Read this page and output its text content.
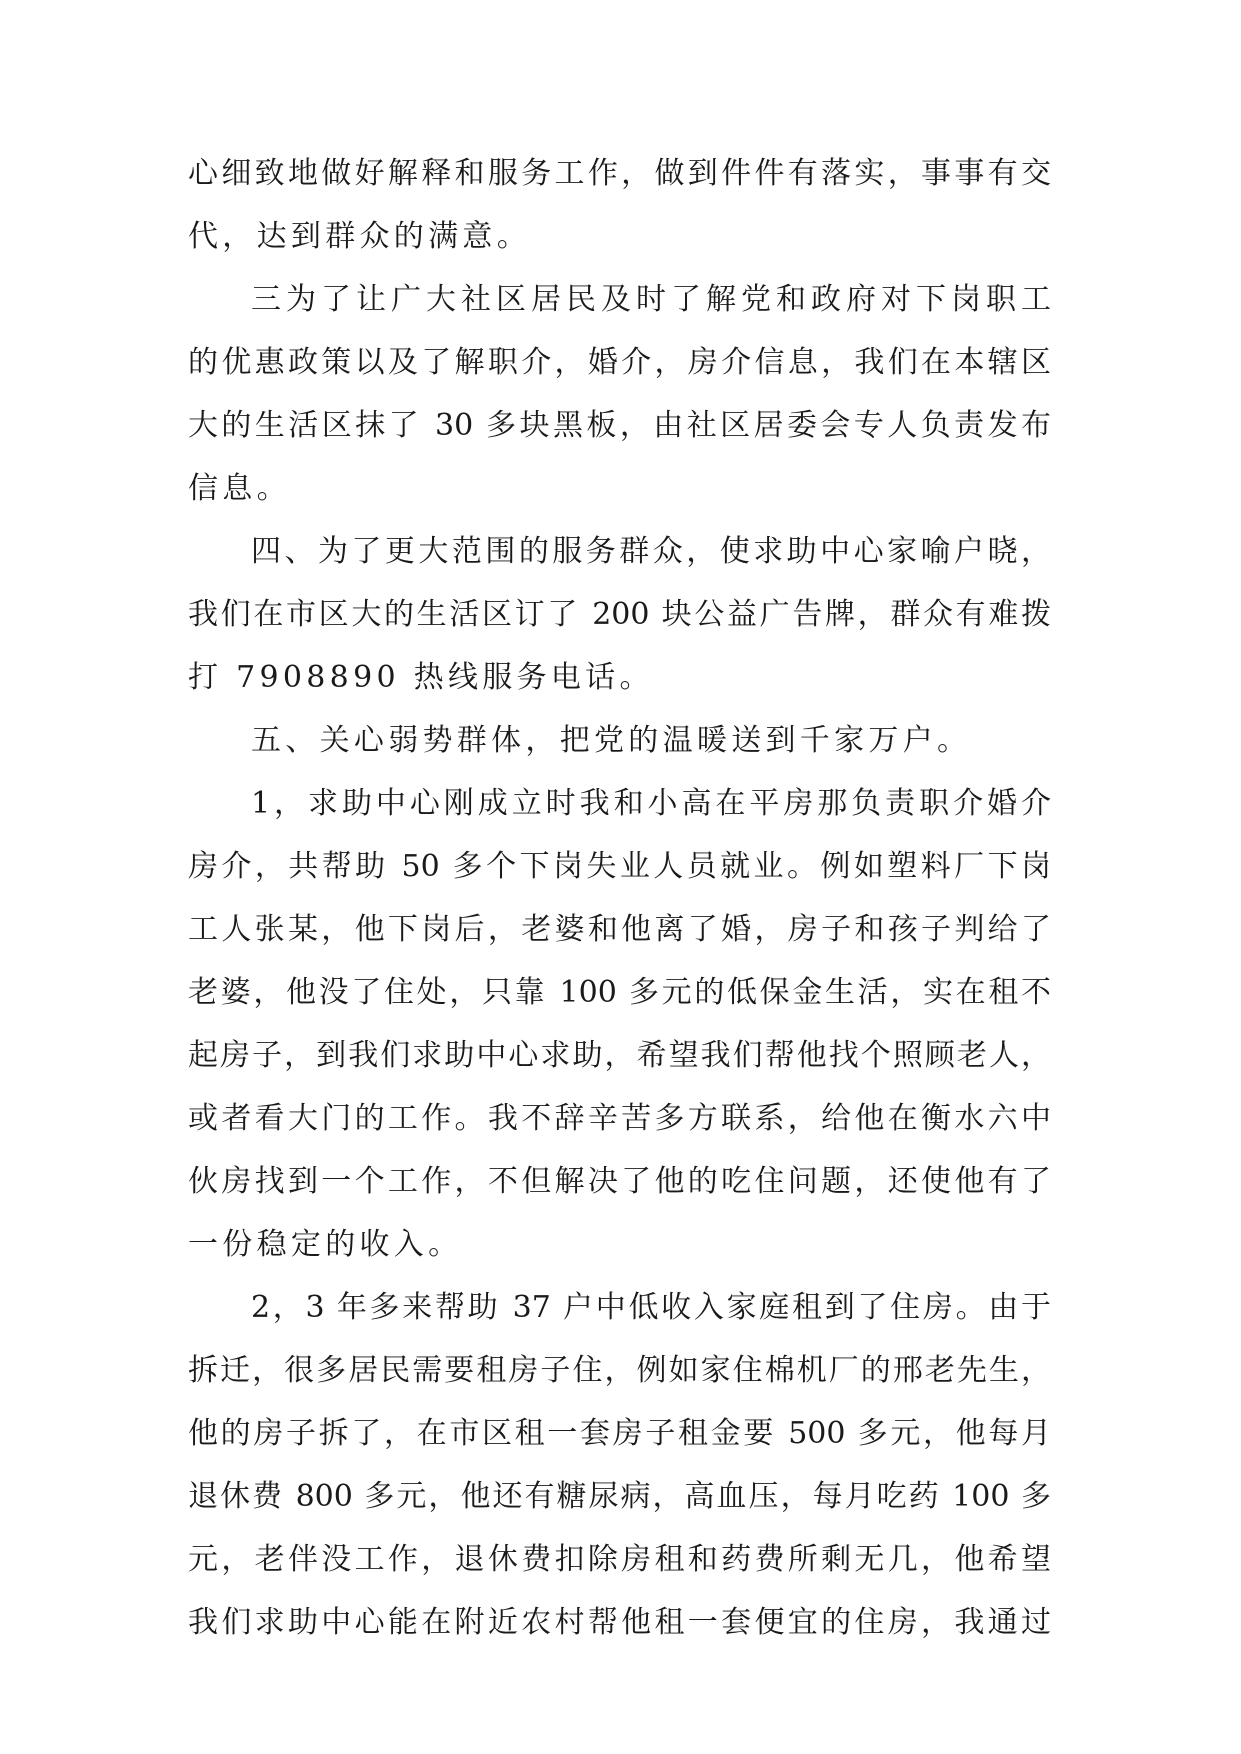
心细致地做好解释和服务工作，做到件件有落实，事事有交
代，达到群众的满意。
三为了让广大社区居民及时了解党和政府对下岗职工
的优惠政策以及了解职介，婚介，房介信息，我们在本辖区
大的生活区抹了 30 多块黑板，由社区居委会专人负责发布
信息。
四、为了更大范围的服务群众，使求助中心家喻户晓，
我们在市区大的生活区订了 200 块公益广告牌，群众有难拨
打 7908890 热线服务电话。
五、关心弱势群体，把党的温暖送到千家万户。
1，求助中心刚成立时我和小高在平房那负责职介婚介
房介，共帮助 50 多个下岗失业人员就业。例如塑料厂下岗
工人张某，他下岗后，老婆和他离了婚，房子和孩子判给了
老婆，他没了住处，只靠 100 多元的低保金生活，实在租不
起房子，到我们求助中心求助，希望我们帮他找个照顾老人，
或者看大门的工作。我不辞辛苦多方联系，给他在衡水六中
伙房找到一个工作，不但解决了他的吃住问题，还使他有了
一份稳定的收入。
2，3 年多来帮助 37 户中低收入家庭租到了住房。由于
拆迁，很多居民需要租房子住，例如家住棉机厂的邢老先生，
他的房子拆了，在市区租一套房子租金要 500 多元，他每月
退休费 800 多元，他还有糖尿病，高血压，每月吃药 100 多
元，老伴没工作，退休费扣除房租和药费所剩无几，他希望
我们求助中心能在附近农村帮他租一套便宜的住房，我通过
